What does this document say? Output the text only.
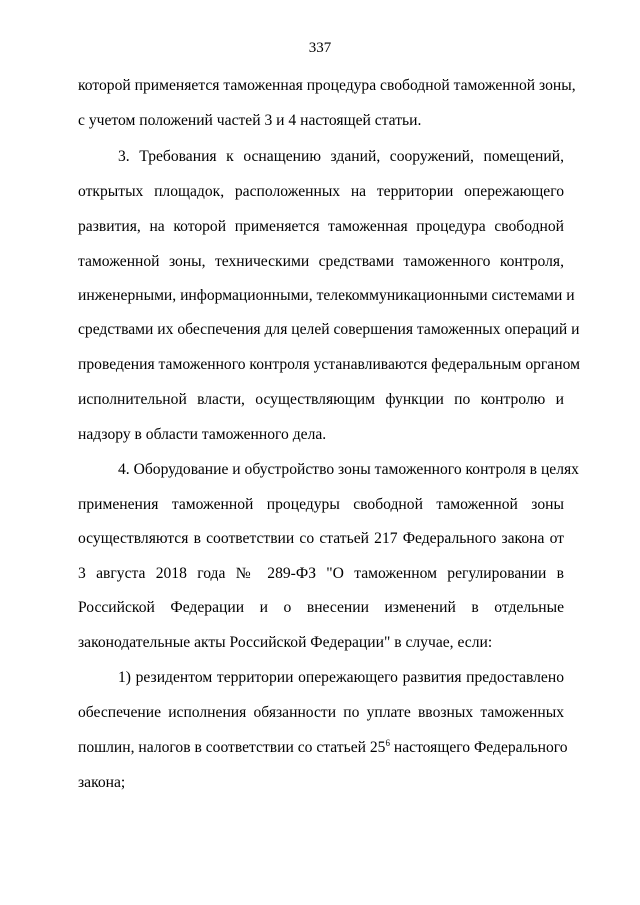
337
которой применяется таможенная процедура свободной таможенной зоны,
с учетом положений частей 3 и 4 настоящей статьи.
3. Требования к оснащению зданий, сооружений, помещений,
открытых площадок, расположенных на территории опережающего
развития, на которой применяется таможенная процедура свободной
таможенной зоны, техническими средствами таможенного контроля,
инженерными, информационными, телекоммуникационными системами и
средствами их обеспечения для целей совершения таможенных операций и
проведения таможенного контроля устанавливаются федеральным органом
исполнительной власти, осуществляющим функции по контролю и
надзору в области таможенного дела.
4. Оборудование и обустройство зоны таможенного контроля в целях
применения таможенной процедуры свободной таможенной зоны
осуществляются в соответствии со статьей 217 Федерального закона от
3 августа 2018 года № 289-ФЗ "О таможенном регулировании в
Российской Федерации и о внесении изменений в отдельные
законодательные акты Российской Федерации" в случае, если:
1) резидентом территории опережающего развития предоставлено
обеспечение исполнения обязанности по уплате ввозных таможенных
пошлин, налогов в соответствии со статьей $25^6$ настоящего Федерального
закона;
